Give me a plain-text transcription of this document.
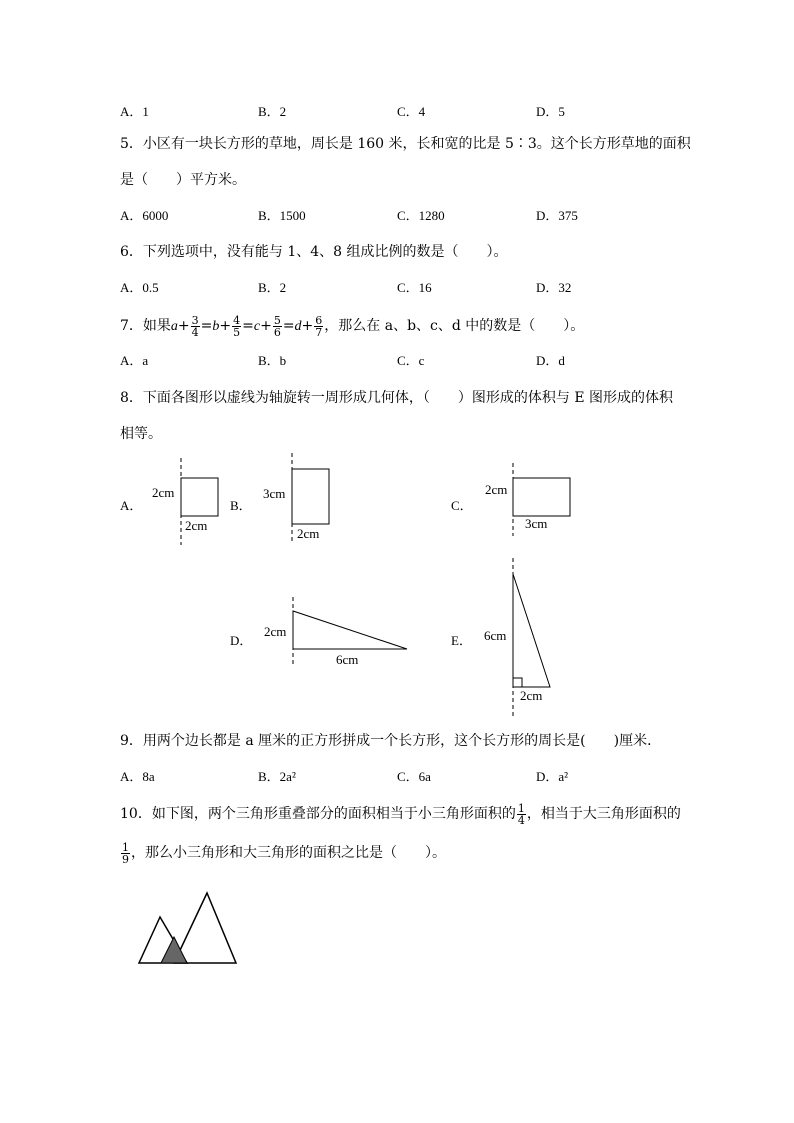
A．1	B．2	C．4	D．5
5．小区有一块长方形的草地，周长是 160 米，长和宽的比是 5∶3。这个长方形草地的面积
是（　　）平方米。
A．6000	B．1500	C．1280	D．375
6．下列选项中，没有能与 1、4、8 组成比例的数是（　　）。
A．0.5	B．2	C．16	D．32
7．如果$a+ \frac{3}{4} =b+ \frac{4}{5} =c+ \frac{5}{6} =d+ \frac{6}{7}$ ，那么在 a、b、c、d 中的数是（　　）。
A．a	B．b	C．c	D．d
8．下面各图形以虚线为轴旋转一周形成几何体，（　　）图形成的体积与 E 图形成的体积
相等。
A．
2cm
2cm
B．
3cm
2cm
C．
2cm
3cm
D．
2cm
6cm
E． 6cm
2cm
9．用两个边长都是 a 厘米的正方形拼成一个长方形，这个长方形的周长是(　　)厘米．
A．8a	B．2a²	C．6a	D．a²
10．如下图，两个三角形重叠部分的面积相当于小三角形面积的 $\frac{1}{4}$ ，相当于大三角形面积的
$\frac{1}{9}$ ，那么小三角形和大三角形的面积之比是（　　）。
